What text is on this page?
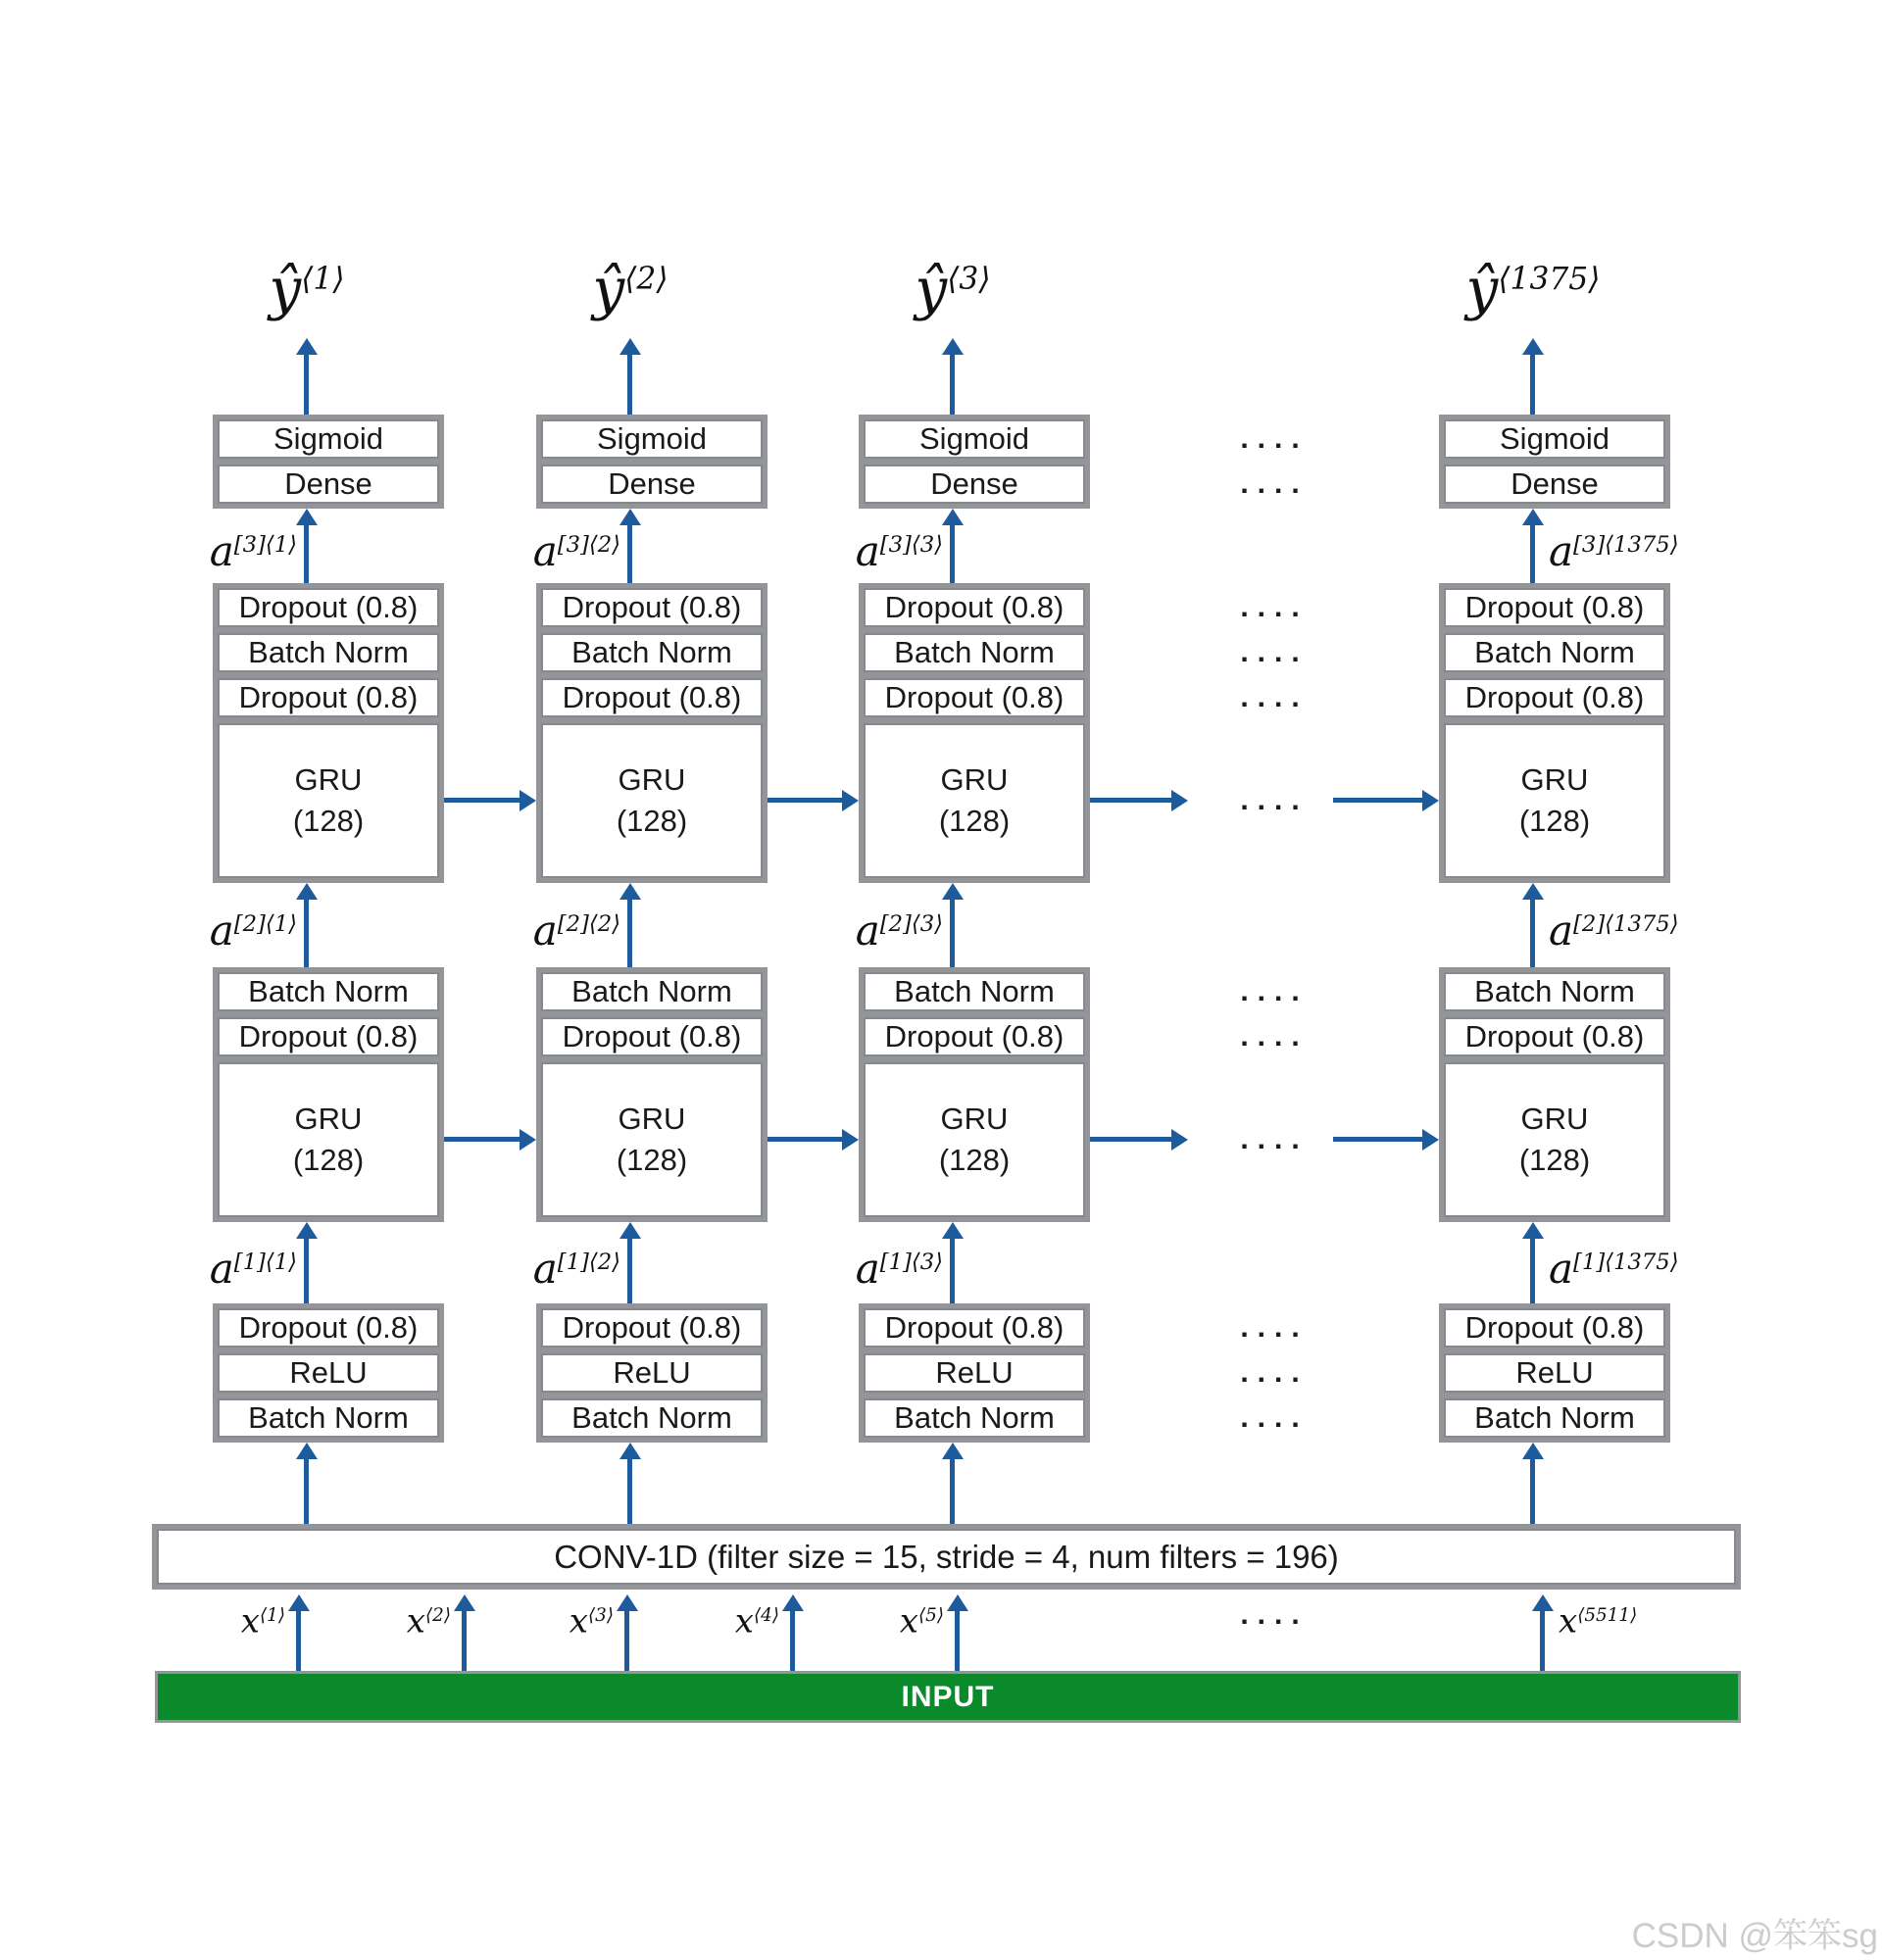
$ŷ^{⟨1⟩}$
Sigmoid
Dense
$a^{[3]⟨1⟩}$
Dropout (0.8)
Batch Norm
Dropout (0.8)
GRU
(128)
$a^{[2]⟨1⟩}$
Batch Norm
Dropout (0.8)
GRU
(128)
$a^{[1]⟨1⟩}$
Dropout (0.8)
ReLU
Batch Norm
$ŷ^{⟨2⟩}$
Sigmoid
Dense
$a^{[3]⟨2⟩}$
Dropout (0.8)
Batch Norm
Dropout (0.8)
GRU
(128)
$a^{[2]⟨2⟩}$
Batch Norm
Dropout (0.8)
GRU
(128)
$a^{[1]⟨2⟩}$
Dropout (0.8)
ReLU
Batch Norm
$ŷ^{⟨3⟩}$
Sigmoid
Dense
$a^{[3]⟨3⟩}$
Dropout (0.8)
Batch Norm
Dropout (0.8)
GRU
(128)
$a^{[2]⟨3⟩}$
Batch Norm
Dropout (0.8)
GRU
(128)
$a^{[1]⟨3⟩}$
Dropout (0.8)
ReLU
Batch Norm
$ŷ^{⟨1375⟩}$
Sigmoid
Dense
$a^{[3]⟨1375⟩}$
Dropout (0.8)
Batch Norm
Dropout (0.8)
GRU
(128)
$a^{[2]⟨1375⟩}$
Batch Norm
Dropout (0.8)
GRU
(128)
$a^{[1]⟨1375⟩}$
Dropout (0.8)
ReLU
Batch Norm
....
....
....
....
....
....
....
....
....
....
....
....
....
CONV-1D (filter size = 15, stride = 4, num filters = 196)
$x^{⟨1⟩}$	$x^{⟨2⟩}$	$x^{⟨3⟩}$	$x^{⟨4⟩}$	$x^{⟨5⟩}$	$x^{⟨5511⟩}$
INPUT
CSDN @笨笨sg
